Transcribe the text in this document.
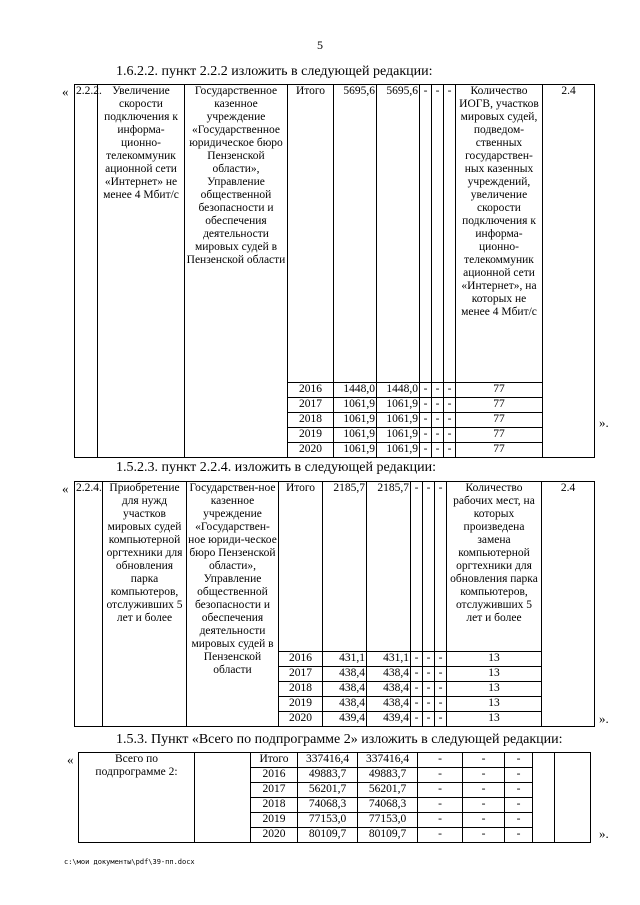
5
1.6.2.2. пункт 2.2.2 изложить в следующей редакции:
«
».
2.2.2.	Увеличение скорости подключения к информа-ционно-телекоммуник ационной сети «Интернет» не менее 4 Мбит/с	Государственное казенное учреждение «Государственное юридическое бюро Пензенской области», Управление общественной безопасности и обеспечения деятельности мировых судей в Пензенской области	Итого	5695,6	5695,6	-	-	-	Количество ИОГВ, участков мировых судей, подведом-ственных государствен-ных казенных учреждений, увеличение скорости подключения к информа-ционно-телекоммуник ационной сети «Интернет», на которых не менее 4 Мбит/с	2.4
			2016	1448,0	1448,0	-	-	-	77	
			2017	1061,9	1061,9	-	-	-	77	
			2018	1061,9	1061,9	-	-	-	77	
			2019	1061,9	1061,9	-	-	-	77	
			2020	1061,9	1061,9	-	-	-	77	
1.5.2.3. пункт 2.2.4. изложить в следующей редакции:
«
».
2.2.4.	Приобретение для нужд участков мировых судей компьютерной оргтехники для обновления парка компьютеров, отслуживших 5 лет и более	Государствен-ное казенное учреждение «Государствен-ное юриди-ческое бюро Пензенской области», Управление общественной безопасности и обеспечения деятельности мировых судей в Пензенской области	Итого	2185,7	2185,7	-	-	-	Количество рабочих мест, на которых произведена замена компьютерной оргтехники для обновления парка компьютеров, отслуживших 5 лет и более	2.4
			2016	431,1	431,1	-	-	-	13	
			2017	438,4	438,4	-	-	-	13	
			2018	438,4	438,4	-	-	-	13	
			2019	438,4	438,4	-	-	-	13	
			2020	439,4	439,4	-	-	-	13	
1.5.3. Пункт «Всего по подпрограмме 2» изложить в следующей редакции:
«
».
Всего по подпрограмме 2:		Итого	337416,4	337416,4	-	-	-		
		2016	49883,7	49883,7	-	-	-		
		2017	56201,7	56201,7	-	-	-		
		2018	74068,3	74068,3	-	-	-		
		2019	77153,0	77153,0	-	-	-		
		2020	80109,7	80109,7	-	-	-		
c:\мои документы\pdf\39-пп.docx
